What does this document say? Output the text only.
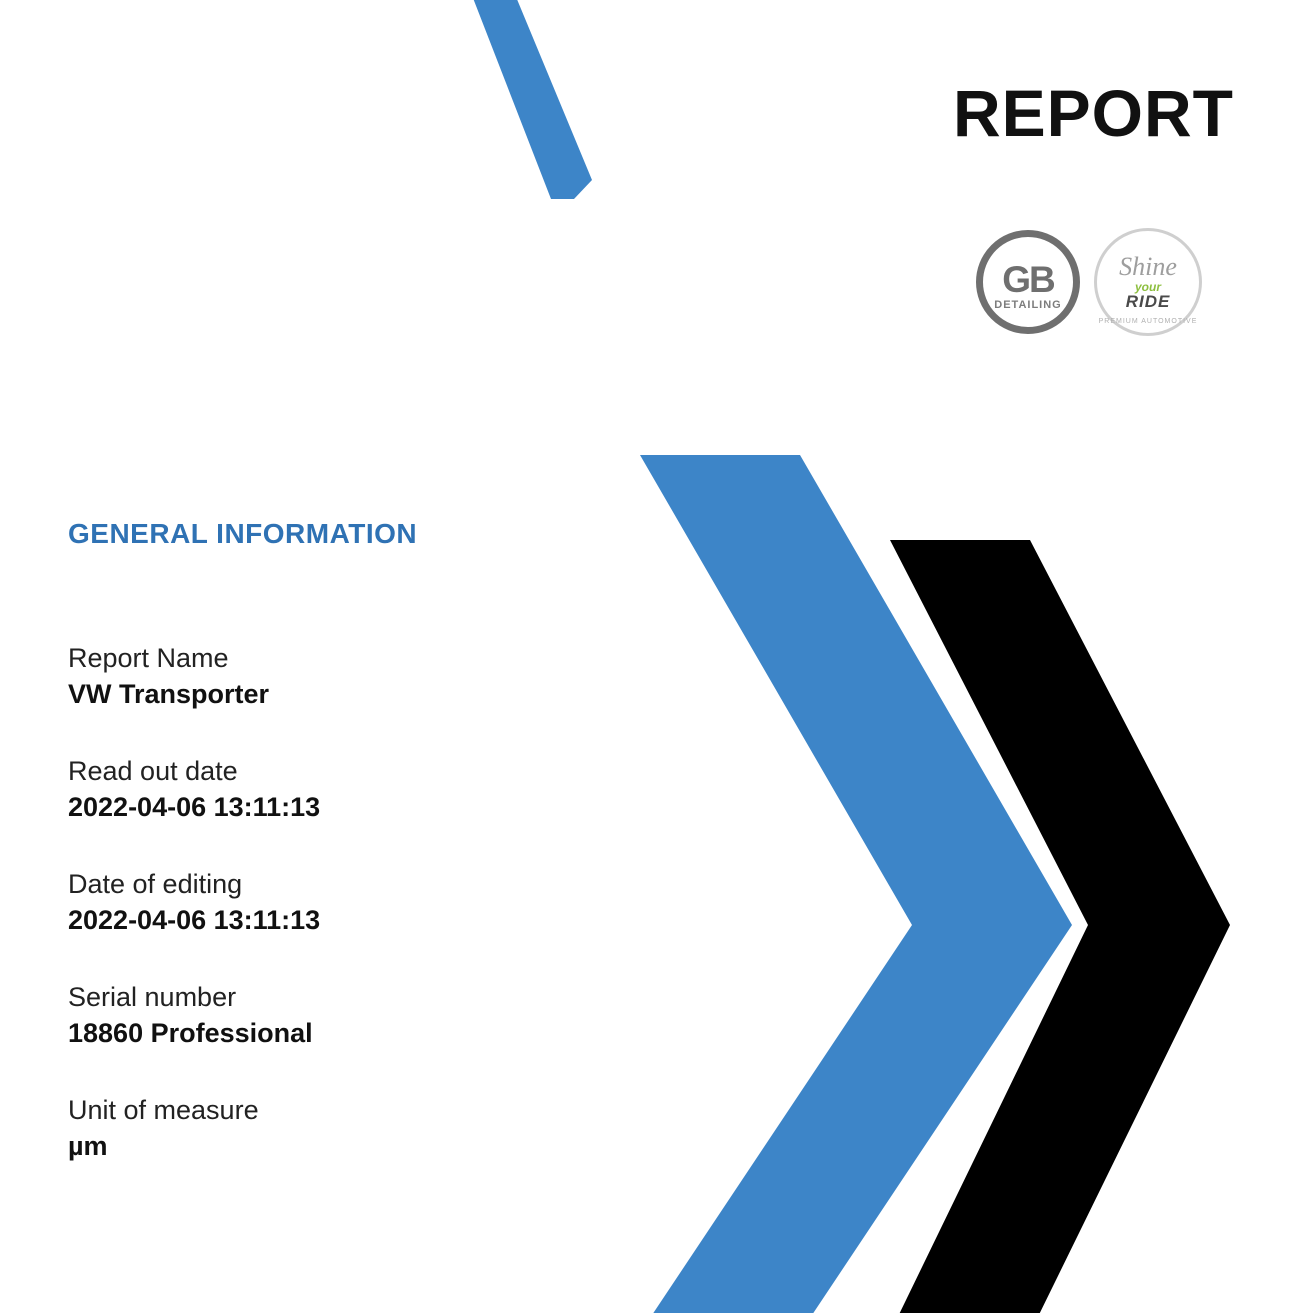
REPORT
GB
DETAILING
Shine
your
RIDE
PREMIUM AUTOMOTIVE
GENERAL INFORMATION
Report Name
VW Transporter
Read out date
2022-04-06 13:11:13
Date of editing
2022-04-06 13:11:13
Serial number
18860 Professional
Unit of measure
µm
